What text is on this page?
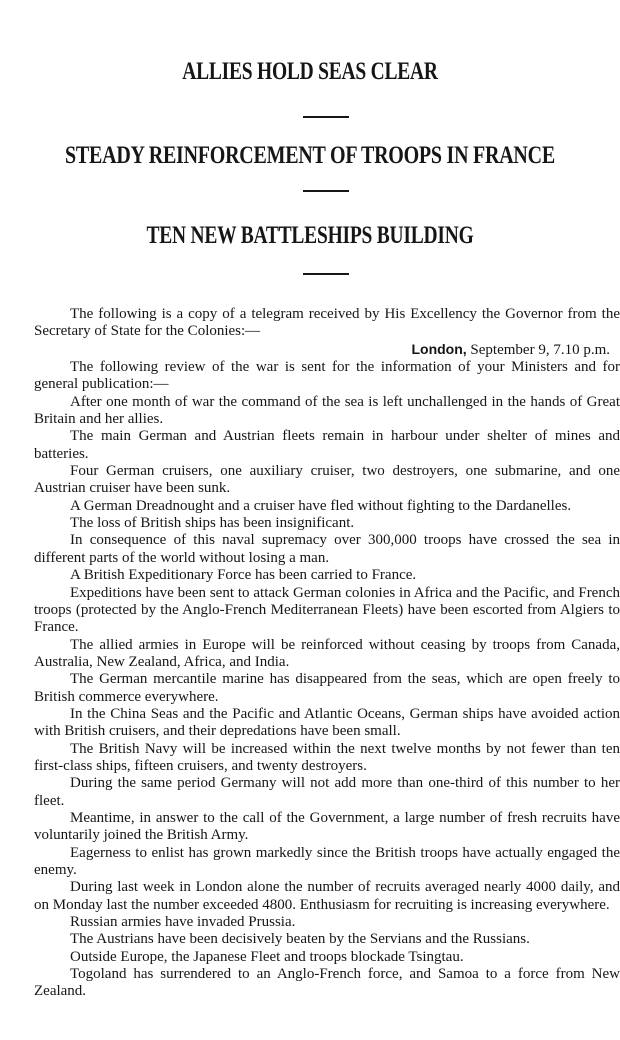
ALLIES HOLD SEAS CLEAR
STEADY REINFORCEMENT OF TROOPS IN FRANCE
TEN NEW BATTLESHIPS BUILDING

The following is a copy of a telegram received by His Excellency the Governor from the Secretary of State for the Colonies:—

London, September 9, 7.10 p.m.

The following review of the war is sent for the information of your Ministers and for general publication:—

After one month of war the command of the sea is left unchallenged in the hands of Great Britain and her allies.

The main German and Austrian fleets remain in harbour under shelter of mines and batteries.

Four German cruisers, one auxiliary cruiser, two destroyers, one submarine, and one Austrian cruiser have been sunk.

A German Dreadnought and a cruiser have fled without fighting to the Dardanelles.

The loss of British ships has been insignificant.

In consequence of this naval supremacy over 300,000 troops have crossed the sea in different parts of the world without losing a man.

A British Expeditionary Force has been carried to France.

Expeditions have been sent to attack German colonies in Africa and the Pacific, and French troops (protected by the Anglo-French Mediterranean Fleets) have been escorted from Algiers to France.

The allied armies in Europe will be reinforced without ceasing by troops from Canada, Australia, New Zealand, Africa, and India.

The German mercantile marine has disappeared from the seas, which are open freely to British commerce everywhere.

In the China Seas and the Pacific and Atlantic Oceans, German ships have avoided action with British cruisers, and their depredations have been small.

The British Navy will be increased within the next twelve months by not fewer than ten first-class ships, fifteen cruisers, and twenty destroyers.

During the same period Germany will not add more than one-third of this number to her fleet.

Meantime, in answer to the call of the Government, a large number of fresh recruits have voluntarily joined the British Army.

Eagerness to enlist has grown markedly since the British troops have actually engaged the enemy.

During last week in London alone the number of recruits averaged nearly 4000 daily, and on Monday last the number exceeded 4800. Enthusiasm for recruiting is increasing everywhere.

Russian armies have invaded Prussia.

The Austrians have been decisively beaten by the Servians and the Russians.

Outside Europe, the Japanese Fleet and troops blockade Tsingtau.

Togoland has surrendered to an Anglo-French force, and Samoa to a force from New Zealand.
